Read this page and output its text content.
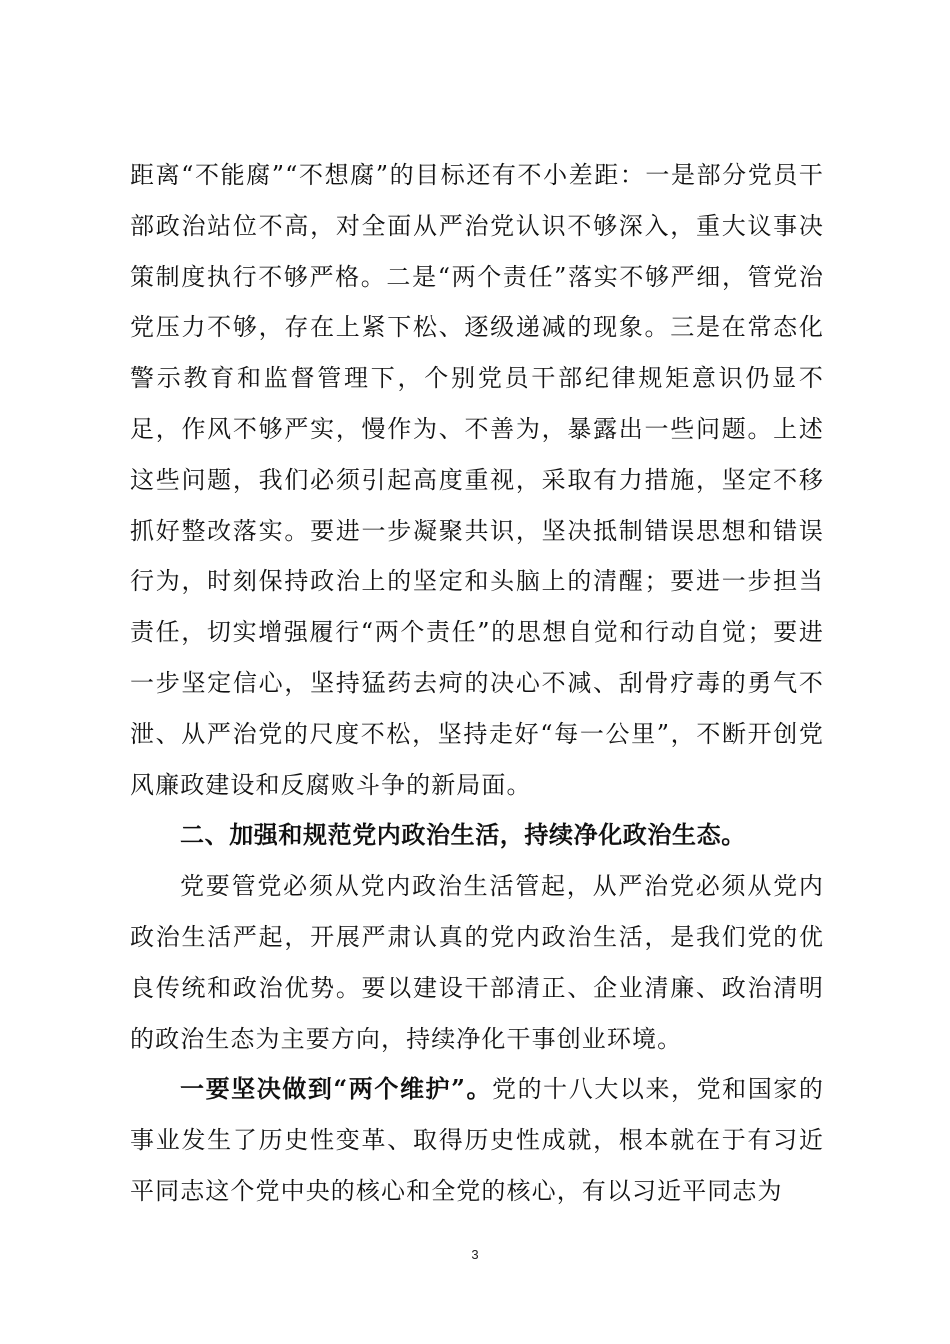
距离“不能腐”“不想腐”的目标还有不小差距：一是部分党员干部政治站位不高，对全面从严治党认识不够深入，重大议事决策制度执行不够严格。二是“两个责任”落实不够严细，管党治党压力不够，存在上紧下松、逐级递减的现象。三是在常态化警示教育和监督管理下，个别党员干部纪律规矩意识仍显不足，作风不够严实，慢作为、不善为，暴露出一些问题。上述这些问题，我们必须引起高度重视，采取有力措施，坚定不移抓好整改落实。要进一步凝聚共识，坚决抵制错误思想和错误行为，时刻保持政治上的坚定和头脑上的清醒；要进一步担当责任，切实增强履行“两个责任”的思想自觉和行动自觉；要进一步坚定信心，坚持猛药去疴的决心不减、刮骨疗毒的勇气不泄、从严治党的尺度不松，坚持走好“每一公里”，不断开创党风廉政建设和反腐败斗争的新局面。

二、加强和规范党内政治生活，持续净化政治生态。

党要管党必须从党内政治生活管起，从严治党必须从党内政治生活严起，开展严肃认真的党内政治生活，是我们党的优良传统和政治优势。要以建设干部清正、企业清廉、政治清明的政治生态为主要方向，持续净化干事创业环境。

一要坚决做到“两个维护”。党的十八大以来，党和国家的事业发生了历史性变革、取得历史性成就，根本就在于有习近平同志这个党中央的核心和全党的核心，有以习近平同志为

3
